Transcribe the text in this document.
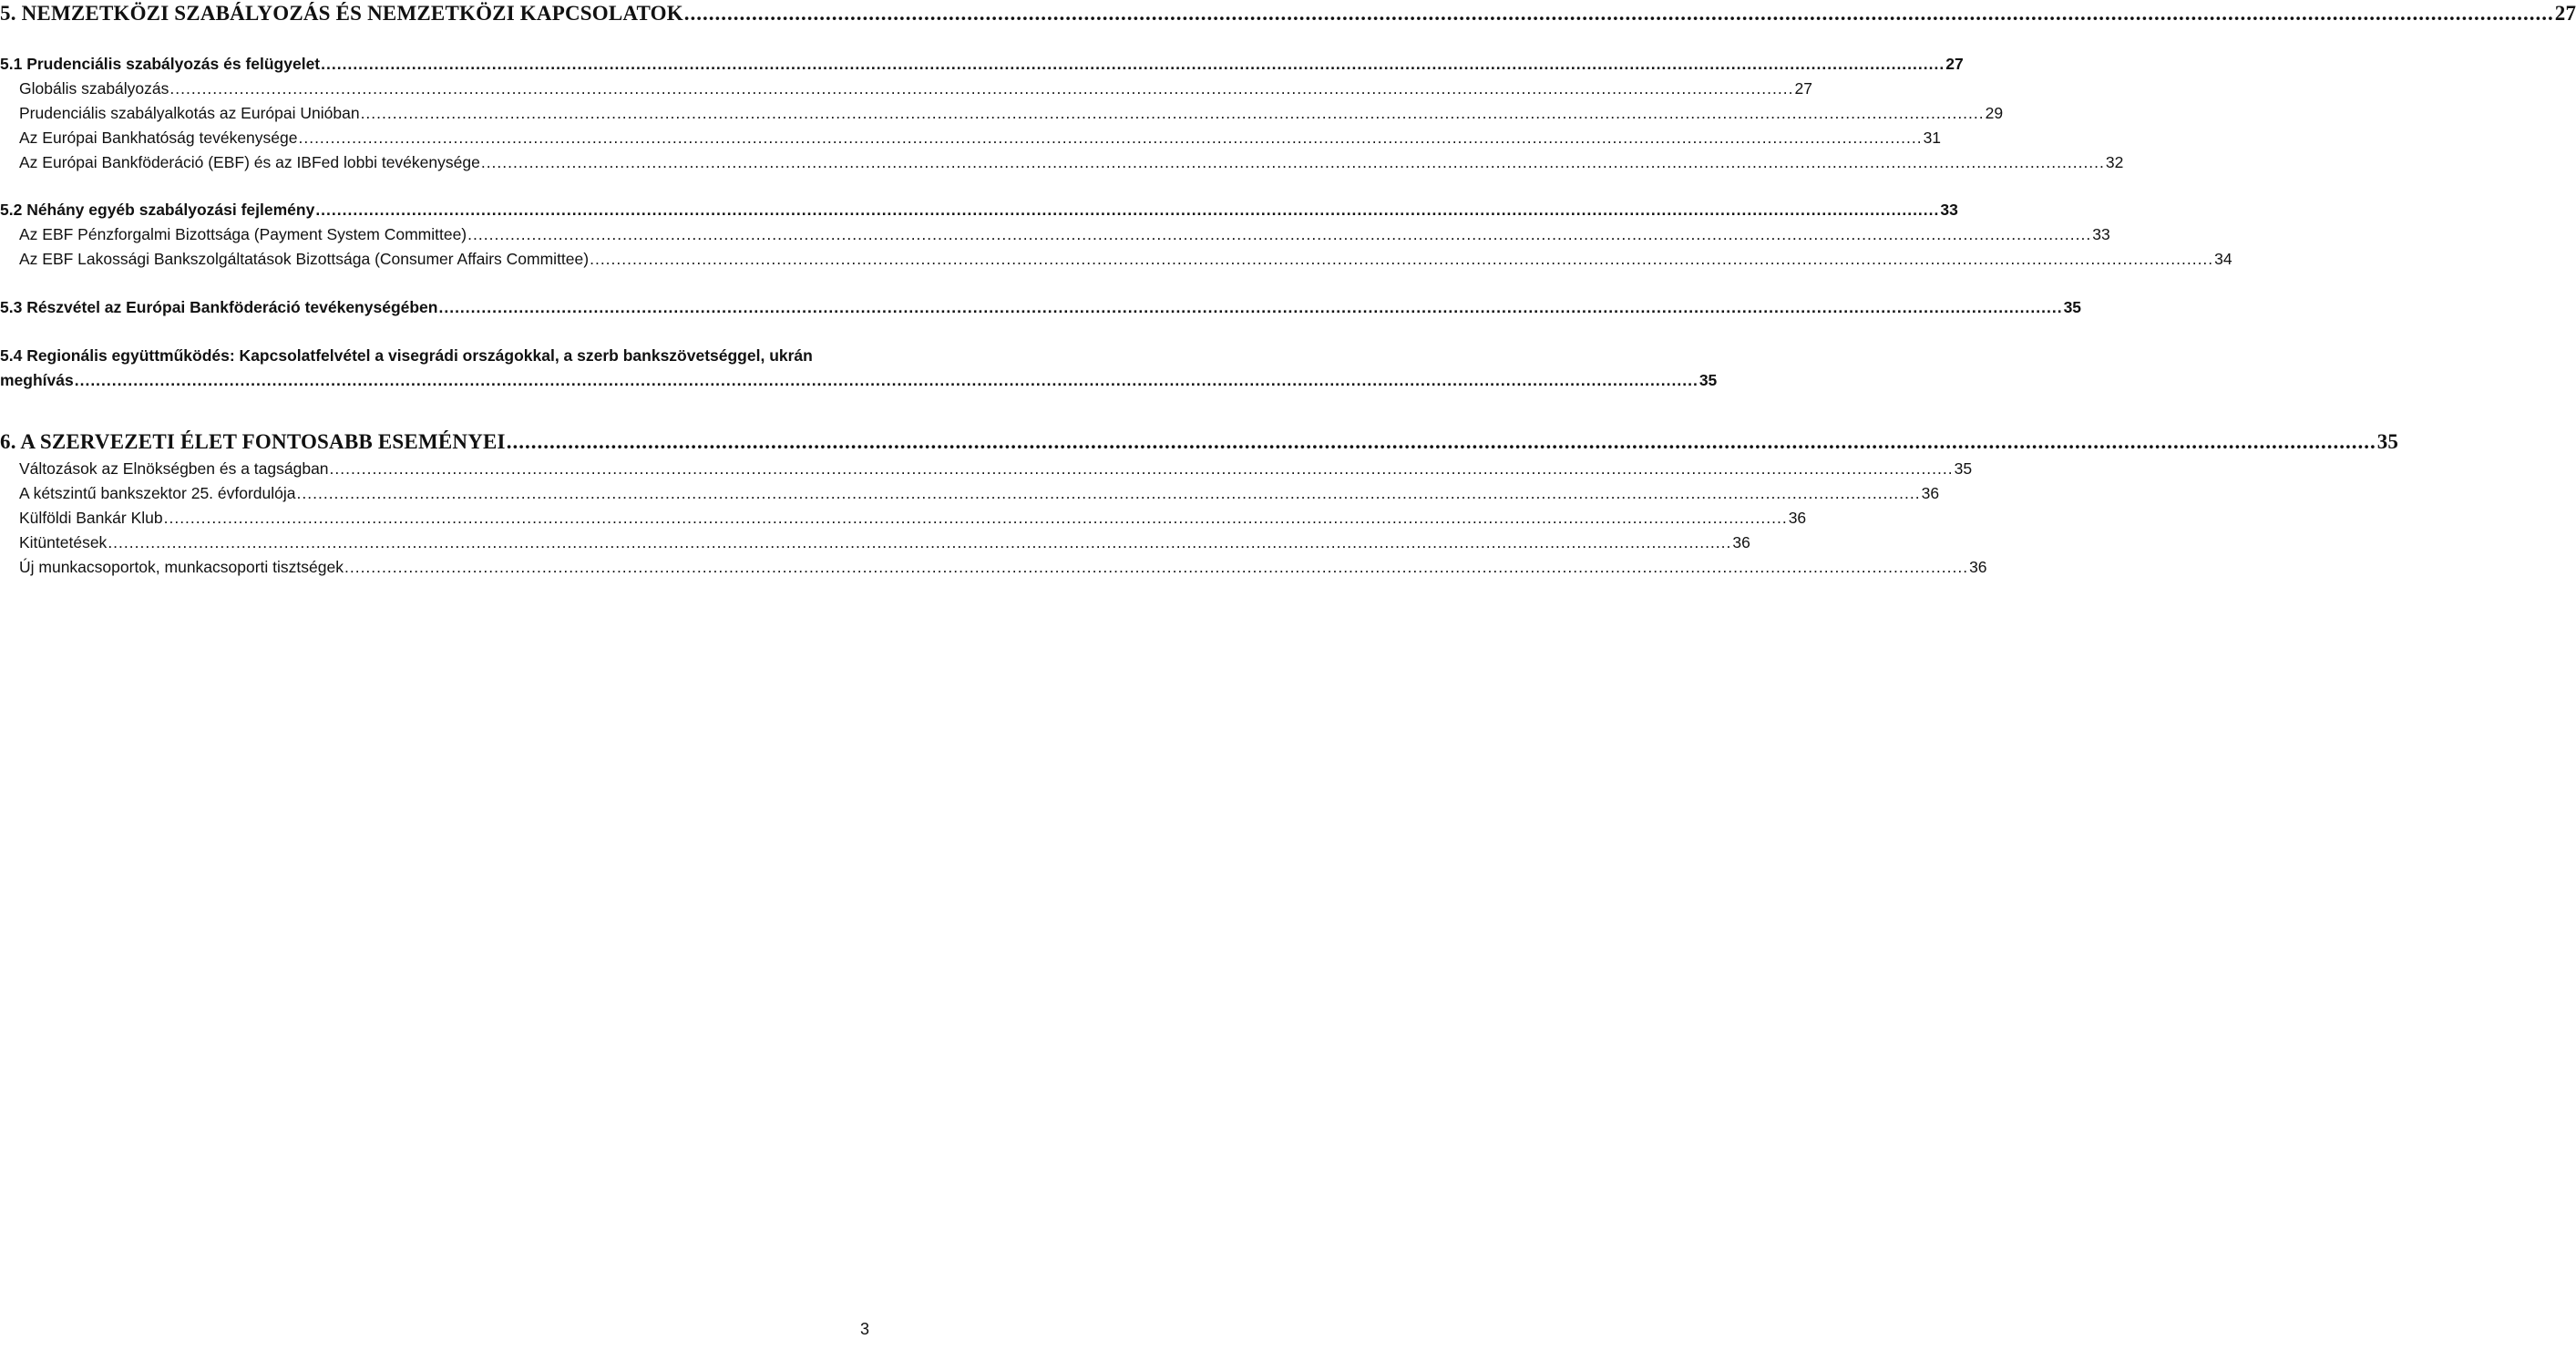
5. NEMZETKÖZI SZABÁLYOZÁS ÉS NEMZETKÖZI KAPCSOLATOK .....	27
5.1 Prudenciális szabályozás és felügyelet .....	27
Globális szabályozás .....	27
Prudenciális szabályalkotás az Európai Unióban .....	29
Az Európai Bankhatóság tevékenysége .....	31
Az Európai Bankföderáció (EBF) és az IBFed lobbi tevékenysége .....	32
5.2 Néhány egyéb szabályozási fejlemény .....	33
Az EBF Pénzforgalmi Bizottsága (Payment System Committee) .....	33
Az EBF Lakossági Bankszolgáltatások Bizottsága (Consumer Affairs Committee) .....	34
5.3 Részvétel az Európai Bankföderáció tevékenységében .....	35
5.4 Regionális együttműködés: Kapcsolatfelvétel a visegrádi országokkal, a szerb bankszövetséggel, ukrán
meghívás .....	35
6. A SZERVEZETI ÉLET FONTOSABB ESEMÉNYEI .....	35
Változások az Elnökségben és a tagságban .....	35
A kétszintű bankszektor 25. évfordulója .....	36
Külföldi Bankár Klub .....	36
Kitüntetések .....	36
Új munkacsoportok, munkacsoporti tisztségek .....	36
3
